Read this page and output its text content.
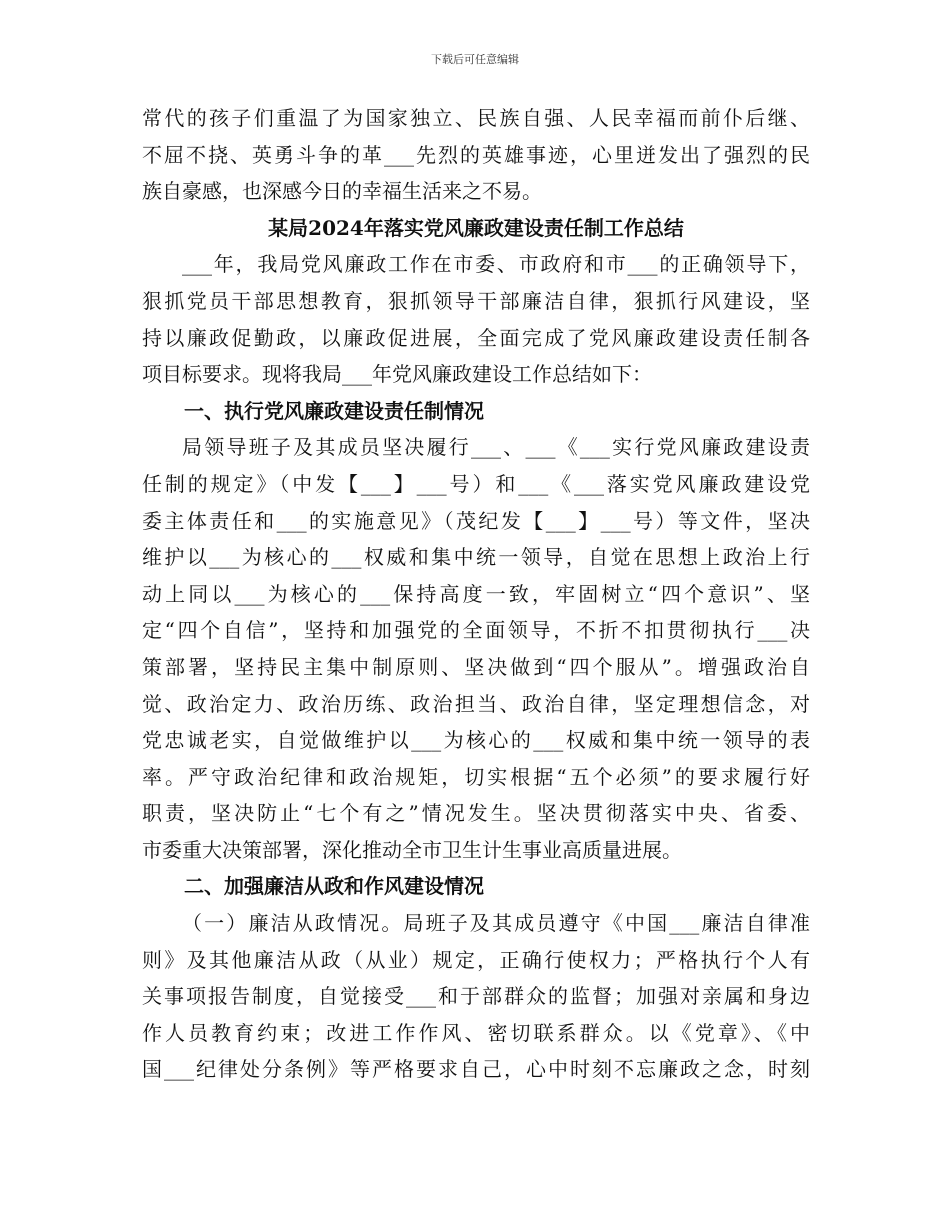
下载后可任意编辑
常代的孩子们重温了为国家独立、民族自强、人民幸福而前仆后继、
不屈不挠、英勇斗争的革___先烈的英雄事迹，心里迸发出了强烈的民
族自豪感，也深感今日的幸福生活来之不易。
某局2024年落实党风廉政建设责任制工作总结
___年，我局党风廉政工作在市委、市政府和市___的正确领导下，
狠抓党员干部思想教育，狠抓领导干部廉洁自律，狠抓行风建设，坚
持以廉政促勤政，以廉政促进展，全面完成了党风廉政建设责任制各
项目标要求。现将我局___年党风廉政建设工作总结如下：
一、执行党风廉政建设责任制情况
局领导班子及其成员坚决履行___、___《___实行党风廉政建设责
任制的规定》（中发【___】___号）和___《___落实党风廉政建设党
委主体责任和___的实施意见》（茂纪发【___】___号）等文件，坚决
维护以___为核心的___权威和集中统一领导，自觉在思想上政治上行
动上同以___为核心的___保持高度一致，牢固树立“四个意识”、坚
定“四个自信”，坚持和加强党的全面领导，不折不扣贯彻执行___决
策部署，坚持民主集中制原则、坚决做到“四个服从”。增强政治自
觉、政治定力、政治历练、政治担当、政治自律，坚定理想信念，对
党忠诚老实，自觉做维护以___为核心的___权威和集中统一领导的表
率。严守政治纪律和政治规矩，切实根据“五个必须”的要求履行好
职责，坚决防止“七个有之”情况发生。坚决贯彻落实中央、省委、
市委重大决策部署，深化推动全市卫生计生事业高质量进展。
二、加强廉洁从政和作风建设情况
（一）廉洁从政情况。局班子及其成员遵守《中国___廉洁自律准
则》及其他廉洁从政（从业）规定，正确行使权力；严格执行个人有
关事项报告制度，自觉接受___和于部群众的监督；加强对亲属和身边
作人员教育约束；改进工作作风、密切联系群众。以《党章》、《中
国___纪律处分条例》等严格要求自己，心中时刻不忘廉政之念，时刻
